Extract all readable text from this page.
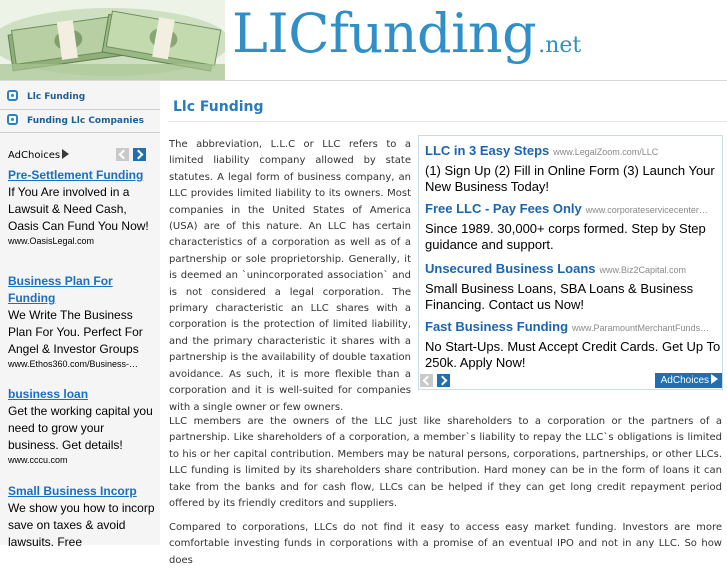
LICfunding.net
Llc Funding
Funding Llc Companies
AdChoices
Pre-Settlement Funding
If You Are involved in a Lawsuit & Need Cash, Oasis Can Fund You Now!
www.OasisLegal.com
Business Plan For Funding
We Write The Business Plan For You. Perfect For Angel & Investor Groups
www.Ethos360.com/Business-…
business loan
Get the working capital you need to grow your business. Get details!
www.cccu.com
Small Business Incorp
We show you how to incorp save on taxes & avoid lawsuits. Free
Llc Funding

The abbreviation, L.L.C or LLC refers to a limited liability company allowed by state statutes. A legal form of business company, an LLC provides limited liability to its owners. Most companies in the United States of America (USA) are of this nature. An LLC has certain characteristics of a corporation as well as of a partnership or sole proprietorship. Generally, it is deemed an `unincorporated association` and is not considered a legal corporation. The primary characteristic an LLC shares with a corporation is the protection of limited liability, and the primary characteristic it shares with a partnership is the availability of double taxation avoidance. As such, it is more flexible than a corporation and it is well-suited for companies with a single owner or few owners.

LLC in 3 Easy Steps www.LegalZoom.com/LLC
(1) Sign Up (2) Fill in Online Form (3) Launch Your New Business Today!
Free LLC - Pay Fees Only www.corporateservicecenter…
Since 1989. 30,000+ corps formed. Step by Step guidance and support.
Unsecured Business Loans www.Biz2Capital.com
Small Business Loans, SBA Loans & Business Financing. Contact us Now!
Fast Business Funding www.ParamountMerchantFunds…
No Start-Ups. Must Accept Credit Cards. Get Up To 250k. Apply Now!
AdChoices

LLC members are the owners of the LLC just like shareholders to a corporation or the partners of a partnership. Like shareholders of a corporation, a member`s liability to repay the LLC`s obligations is limited to his or her capital contribution. Members may be natural persons, corporations, partnerships, or other LLCs. LLC funding is limited by its shareholders share contribution. Hard money can be in the form of loans it can take from the banks and for cash flow, LLCs can be helped if they can get long credit repayment period offered by its friendly creditors and suppliers.

Compared to corporations, LLCs do not find it easy to access easy market funding. Investors are more comfortable investing funds in corporations with a promise of an eventual IPO and not in any LLC. So how does
